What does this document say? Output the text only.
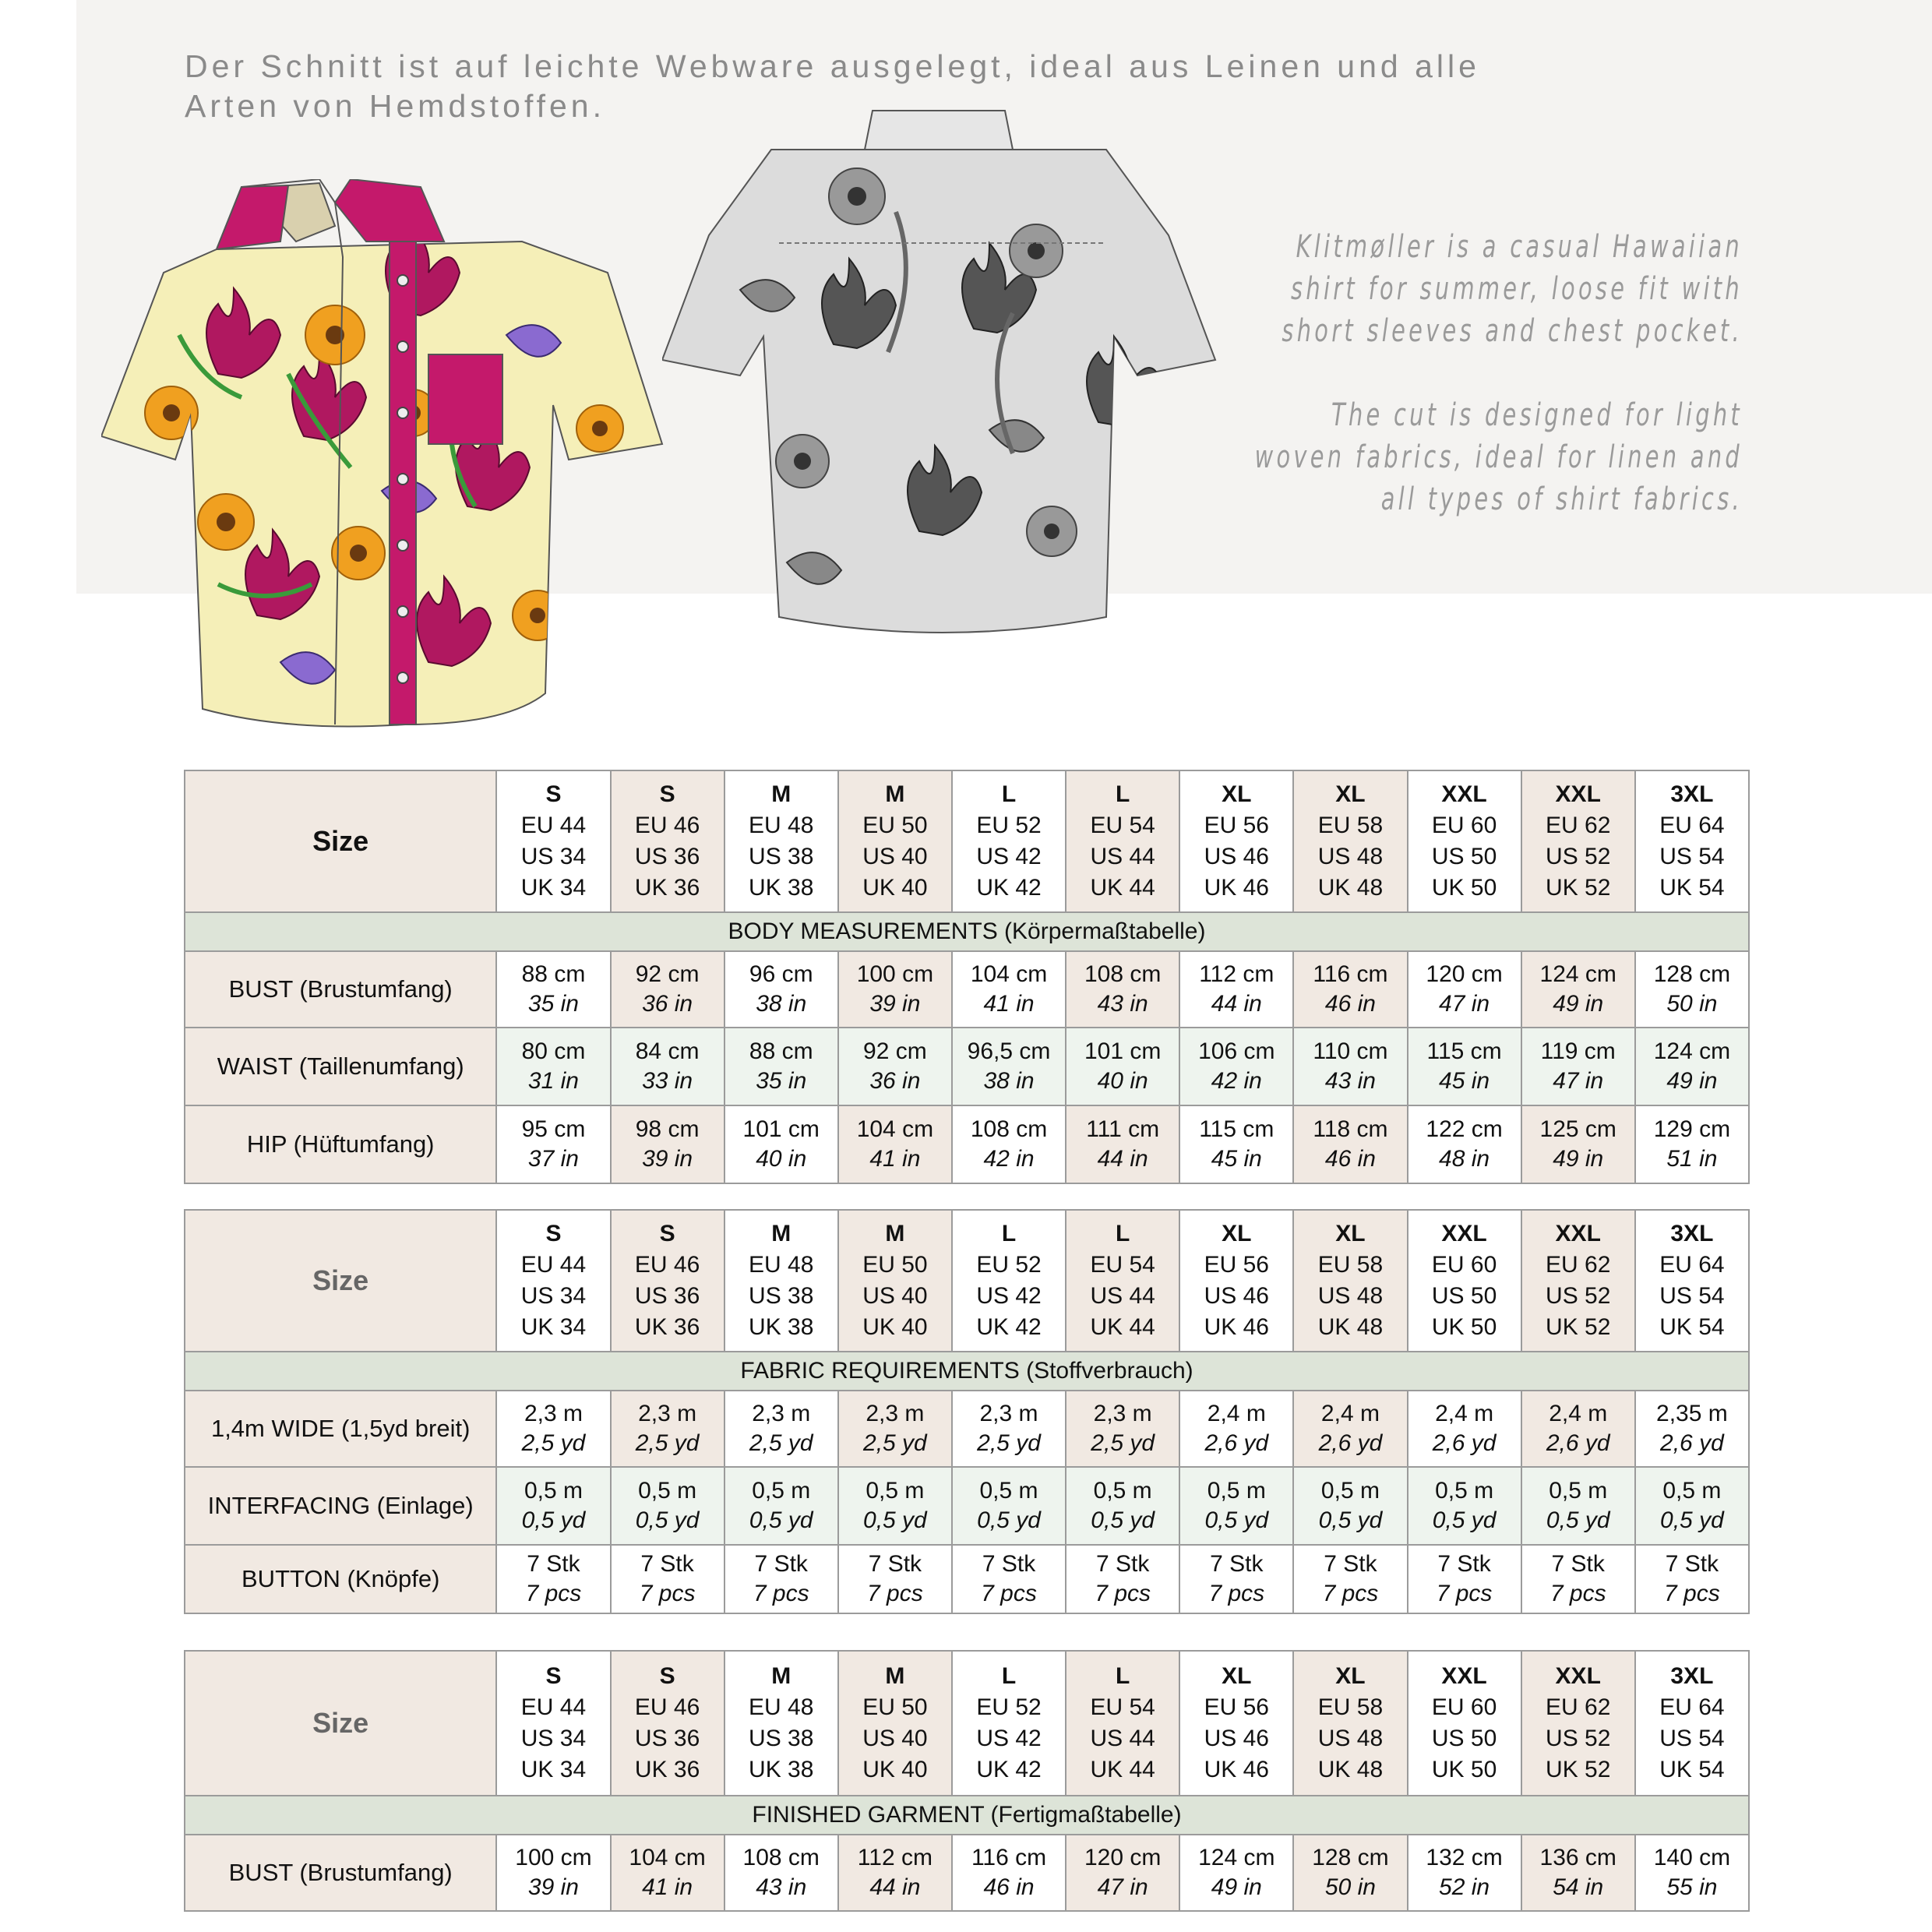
Der Schnitt ist auf leichte Webware ausgelegt, ideal aus Leinen und alle Arten von Hemdstoffen.

Klitmøller is a casual Hawaiian shirt for summer, loose fit with short sleeves and chest pocket.

The cut is designed for light woven fabrics, ideal for linen and all types of shirt fabrics.

Size	S
EU 44
US 34
UK 34	S
EU 46
US 36
UK 36	M
EU 48
US 38
UK 38	M
EU 50
US 40
UK 40	L
EU 52
US 42
UK 42	L
EU 54
US 44
UK 44	XL
EU 56
US 46
UK 46	XL
EU 58
US 48
UK 48	XXL
EU 60
US 50
UK 50	XXL
EU 62
US 52
UK 52	3XL
EU 64
US 54
UK 54

BODY MEASUREMENTS (Körpermaßtabelle)											
BUST (Brustumfang)	88 cm
35 in	92 cm
36 in	96 cm
38 in	100 cm
39 in	104 cm
41 in	108 cm
43 in	112 cm
44 in	116 cm
46 in	120 cm
47 in	124 cm
49 in	128 cm
50 in

WAIST (Taillenumfang)	80 cm
31 in	84 cm
33 in	88 cm
35 in	92 cm
36 in	96,5 cm
38 in	101 cm
40 in	106 cm
42 in	110 cm
43 in	115 cm
45 in	119 cm
47 in	124 cm
49 in

HIP (Hüftumfang)	95 cm
37 in	98 cm
39 in	101 cm
40 in	104 cm
41 in	108 cm
42 in	111 cm
44 in	115 cm
45 in	118 cm
46 in	122 cm
48 in	125 cm
49 in	129 cm
51 in
Size	S
EU 44
US 34
UK 34	S
EU 46
US 36
UK 36	M
EU 48
US 38
UK 38	M
EU 50
US 40
UK 40	L
EU 52
US 42
UK 42	L
EU 54
US 44
UK 44	XL
EU 56
US 46
UK 46	XL
EU 58
US 48
UK 48	XXL
EU 60
US 50
UK 50	XXL
EU 62
US 52
UK 52	3XL
EU 64
US 54
UK 54

FABRIC REQUIREMENTS (Stoffverbrauch)											
1,4m WIDE (1,5yd breit)	2,3 m
2,5 yd	2,3 m
2,5 yd	2,3 m
2,5 yd	2,3 m
2,5 yd	2,3 m
2,5 yd	2,3 m
2,5 yd	2,4 m
2,6 yd	2,4 m
2,6 yd	2,4 m
2,6 yd	2,4 m
2,6 yd	2,35 m
2,6 yd

INTERFACING (Einlage)	0,5 m
0,5 yd	0,5 m
0,5 yd	0,5 m
0,5 yd	0,5 m
0,5 yd	0,5 m
0,5 yd	0,5 m
0,5 yd	0,5 m
0,5 yd	0,5 m
0,5 yd	0,5 m
0,5 yd	0,5 m
0,5 yd	0,5 m
0,5 yd

BUTTON (Knöpfe)	7 Stk
7 pcs	7 Stk
7 pcs	7 Stk
7 pcs	7 Stk
7 pcs	7 Stk
7 pcs	7 Stk
7 pcs	7 Stk
7 pcs	7 Stk
7 pcs	7 Stk
7 pcs	7 Stk
7 pcs	7 Stk
7 pcs
Size	S
EU 44
US 34
UK 34	S
EU 46
US 36
UK 36	M
EU 48
US 38
UK 38	M
EU 50
US 40
UK 40	L
EU 52
US 42
UK 42	L
EU 54
US 44
UK 44	XL
EU 56
US 46
UK 46	XL
EU 58
US 48
UK 48	XXL
EU 60
US 50
UK 50	XXL
EU 62
US 52
UK 52	3XL
EU 64
US 54
UK 54

FINISHED GARMENT (Fertigmaßtabelle)											
BUST (Brustumfang)	100 cm
39 in	104 cm
41 in	108 cm
43 in	112 cm
44 in	116 cm
46 in	120 cm
47 in	124 cm
49 in	128 cm
50 in	132 cm
52 in	136 cm
54 in	140 cm
55 in
